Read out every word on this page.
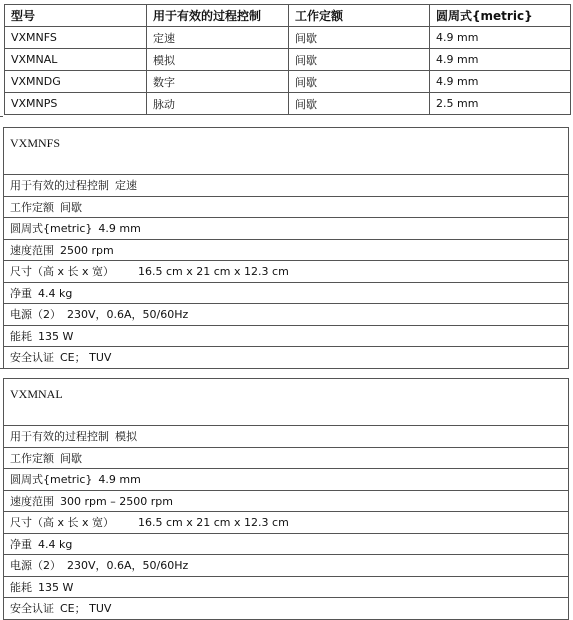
型号	用于有效的过程控制	工作定额	圆周式{metric}
VXMNFS	定速	间歇	4.9 mm
VXMNAL	模拟	间歇	4.9 mm
VXMNDG	数字	间歇	4.9 mm
VXMNPS	脉动	间歇	2.5 mm
VXMNFS
用于有效的过程控制 定速
工作定额 间歇
圆周式{metric} 4.9 mm
速度范围 2500 rpm
尺寸（高 x 长 x 宽） 16.5 cm x 21 cm x 12.3 cm
净重 4.4 kg
电源（2） 230V，0.6A，50/60Hz
能耗 135 W
安全认证 CE； TUV
VXMNAL
用于有效的过程控制 模拟
工作定额 间歇
圆周式{metric} 4.9 mm
速度范围 300 rpm – 2500 rpm
尺寸（高 x 长 x 宽） 16.5 cm x 21 cm x 12.3 cm
净重 4.4 kg
电源（2） 230V，0.6A，50/60Hz
能耗 135 W
安全认证 CE； TUV
